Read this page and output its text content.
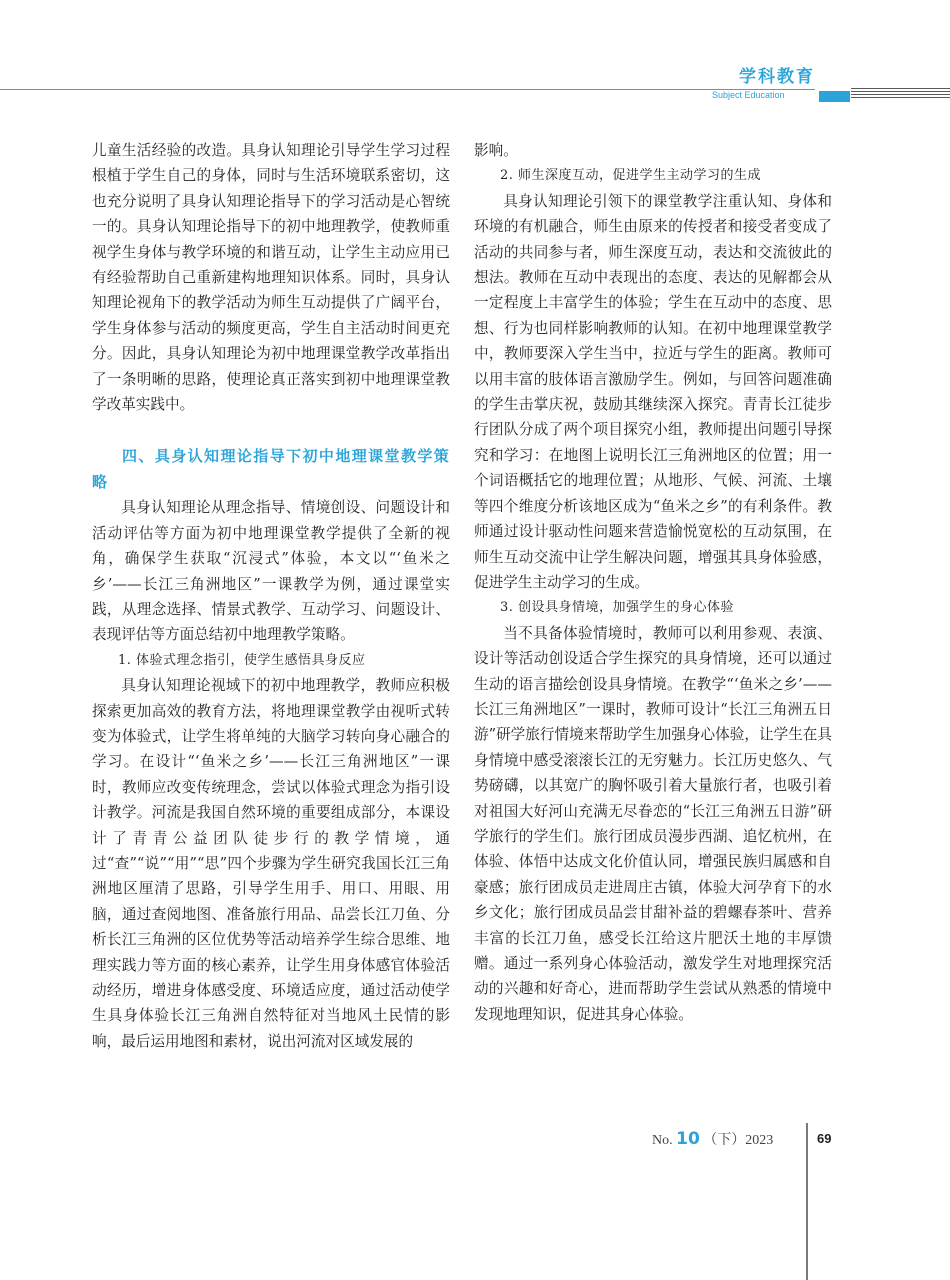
学科教育
Subject Education

儿童生活经验的改造。具身认知理论引导学生学习过程根植于学生自己的身体，同时与生活环境联系密切，这也充分说明了具身认知理论指导下的学习活动是心智统一的。具身认知理论指导下的初中地理教学，使教师重视学生身体与教学环境的和谐互动，让学生主动应用已有经验帮助自己重新建构地理知识体系。同时，具身认知理论视角下的教学活动为师生互动提供了广阔平台，学生身体参与活动的频度更高，学生自主活动时间更充分。因此，具身认知理论为初中地理课堂教学改革指出了一条明晰的思路，使理论真正落实到初中地理课堂教学改革实践中。

四、具身认知理论指导下初中地理课堂教学策略

具身认知理论从理念指导、情境创设、问题设计和活动评估等方面为初中地理课堂教学提供了全新的视角，确保学生获取“沉浸式”体验，本文以“‘鱼米之乡’——长江三角洲地区”一课教学为例，通过课堂实践，从理念选择、情景式教学、互动学习、问题设计、表现评估等方面总结初中地理教学策略。

1. 体验式理念指引，使学生感悟具身反应

具身认知理论视域下的初中地理教学，教师应积极探索更加高效的教育方法，将地理课堂教学由视听式转变为体验式，让学生将单纯的大脑学习转向身心融合的学习。在设计“‘鱼米之乡’——长江三角洲地区”一课时，教师应改变传统理念，尝试以体验式理念为指引设计教学。河流是我国自然环境的重要组成部分，本课设计了青青公益团队徒步行的教学情境，通过“查”“说”“用”“思”四个步骤为学生研究我国长江三角洲地区厘清了思路，引导学生用手、用口、用眼、用脑，通过查阅地图、准备旅行用品、品尝长江刀鱼、分析长江三角洲的区位优势等活动培养学生综合思维、地理实践力等方面的核心素养，让学生用身体感官体验活动经历，增进身体感受度、环境适应度，通过活动使学生具身体验长江三角洲自然特征对当地风土民情的影响，最后运用地图和素材，说出河流对区域发展的

影响。

2. 师生深度互动，促进学生主动学习的生成

具身认知理论引领下的课堂教学注重认知、身体和环境的有机融合，师生由原来的传授者和接受者变成了活动的共同参与者，师生深度互动，表达和交流彼此的想法。教师在互动中表现出的态度、表达的见解都会从一定程度上丰富学生的体验；学生在互动中的态度、思想、行为也同样影响教师的认知。在初中地理课堂教学中，教师要深入学生当中，拉近与学生的距离。教师可以用丰富的肢体语言激励学生。例如，与回答问题准确的学生击掌庆祝，鼓励其继续深入探究。青青长江徒步行团队分成了两个项目探究小组，教师提出问题引导探究和学习：在地图上说明长江三角洲地区的位置；用一个词语概括它的地理位置；从地形、气候、河流、土壤等四个维度分析该地区成为“鱼米之乡”的有利条件。教师通过设计驱动性问题来营造愉悦宽松的互动氛围，在师生互动交流中让学生解决问题，增强其具身体验感，促进学生主动学习的生成。

3. 创设具身情境，加强学生的身心体验

当不具备体验情境时，教师可以利用参观、表演、设计等活动创设适合学生探究的具身情境，还可以通过生动的语言描绘创设具身情境。在教学“‘鱼米之乡’——长江三角洲地区”一课时，教师可设计“长江三角洲五日游”研学旅行情境来帮助学生加强身心体验，让学生在具身情境中感受滚滚长江的无穷魅力。长江历史悠久、气势磅礴，以其宽广的胸怀吸引着大量旅行者，也吸引着对祖国大好河山充满无尽眷恋的“长江三角洲五日游”研学旅行的学生们。旅行团成员漫步西湖、追忆杭州，在体验、体悟中达成文化价值认同，增强民族归属感和自豪感；旅行团成员走进周庄古镇，体验大河孕育下的水乡文化；旅行团成员品尝甘甜补益的碧螺春茶叶、营养丰富的长江刀鱼，感受长江给这片肥沃土地的丰厚馈赠。通过一系列身心体验活动，激发学生对地理探究活动的兴趣和好奇心，进而帮助学生尝试从熟悉的情境中发现地理知识，促进其身心体验。

No. 10 （下）2023	69
